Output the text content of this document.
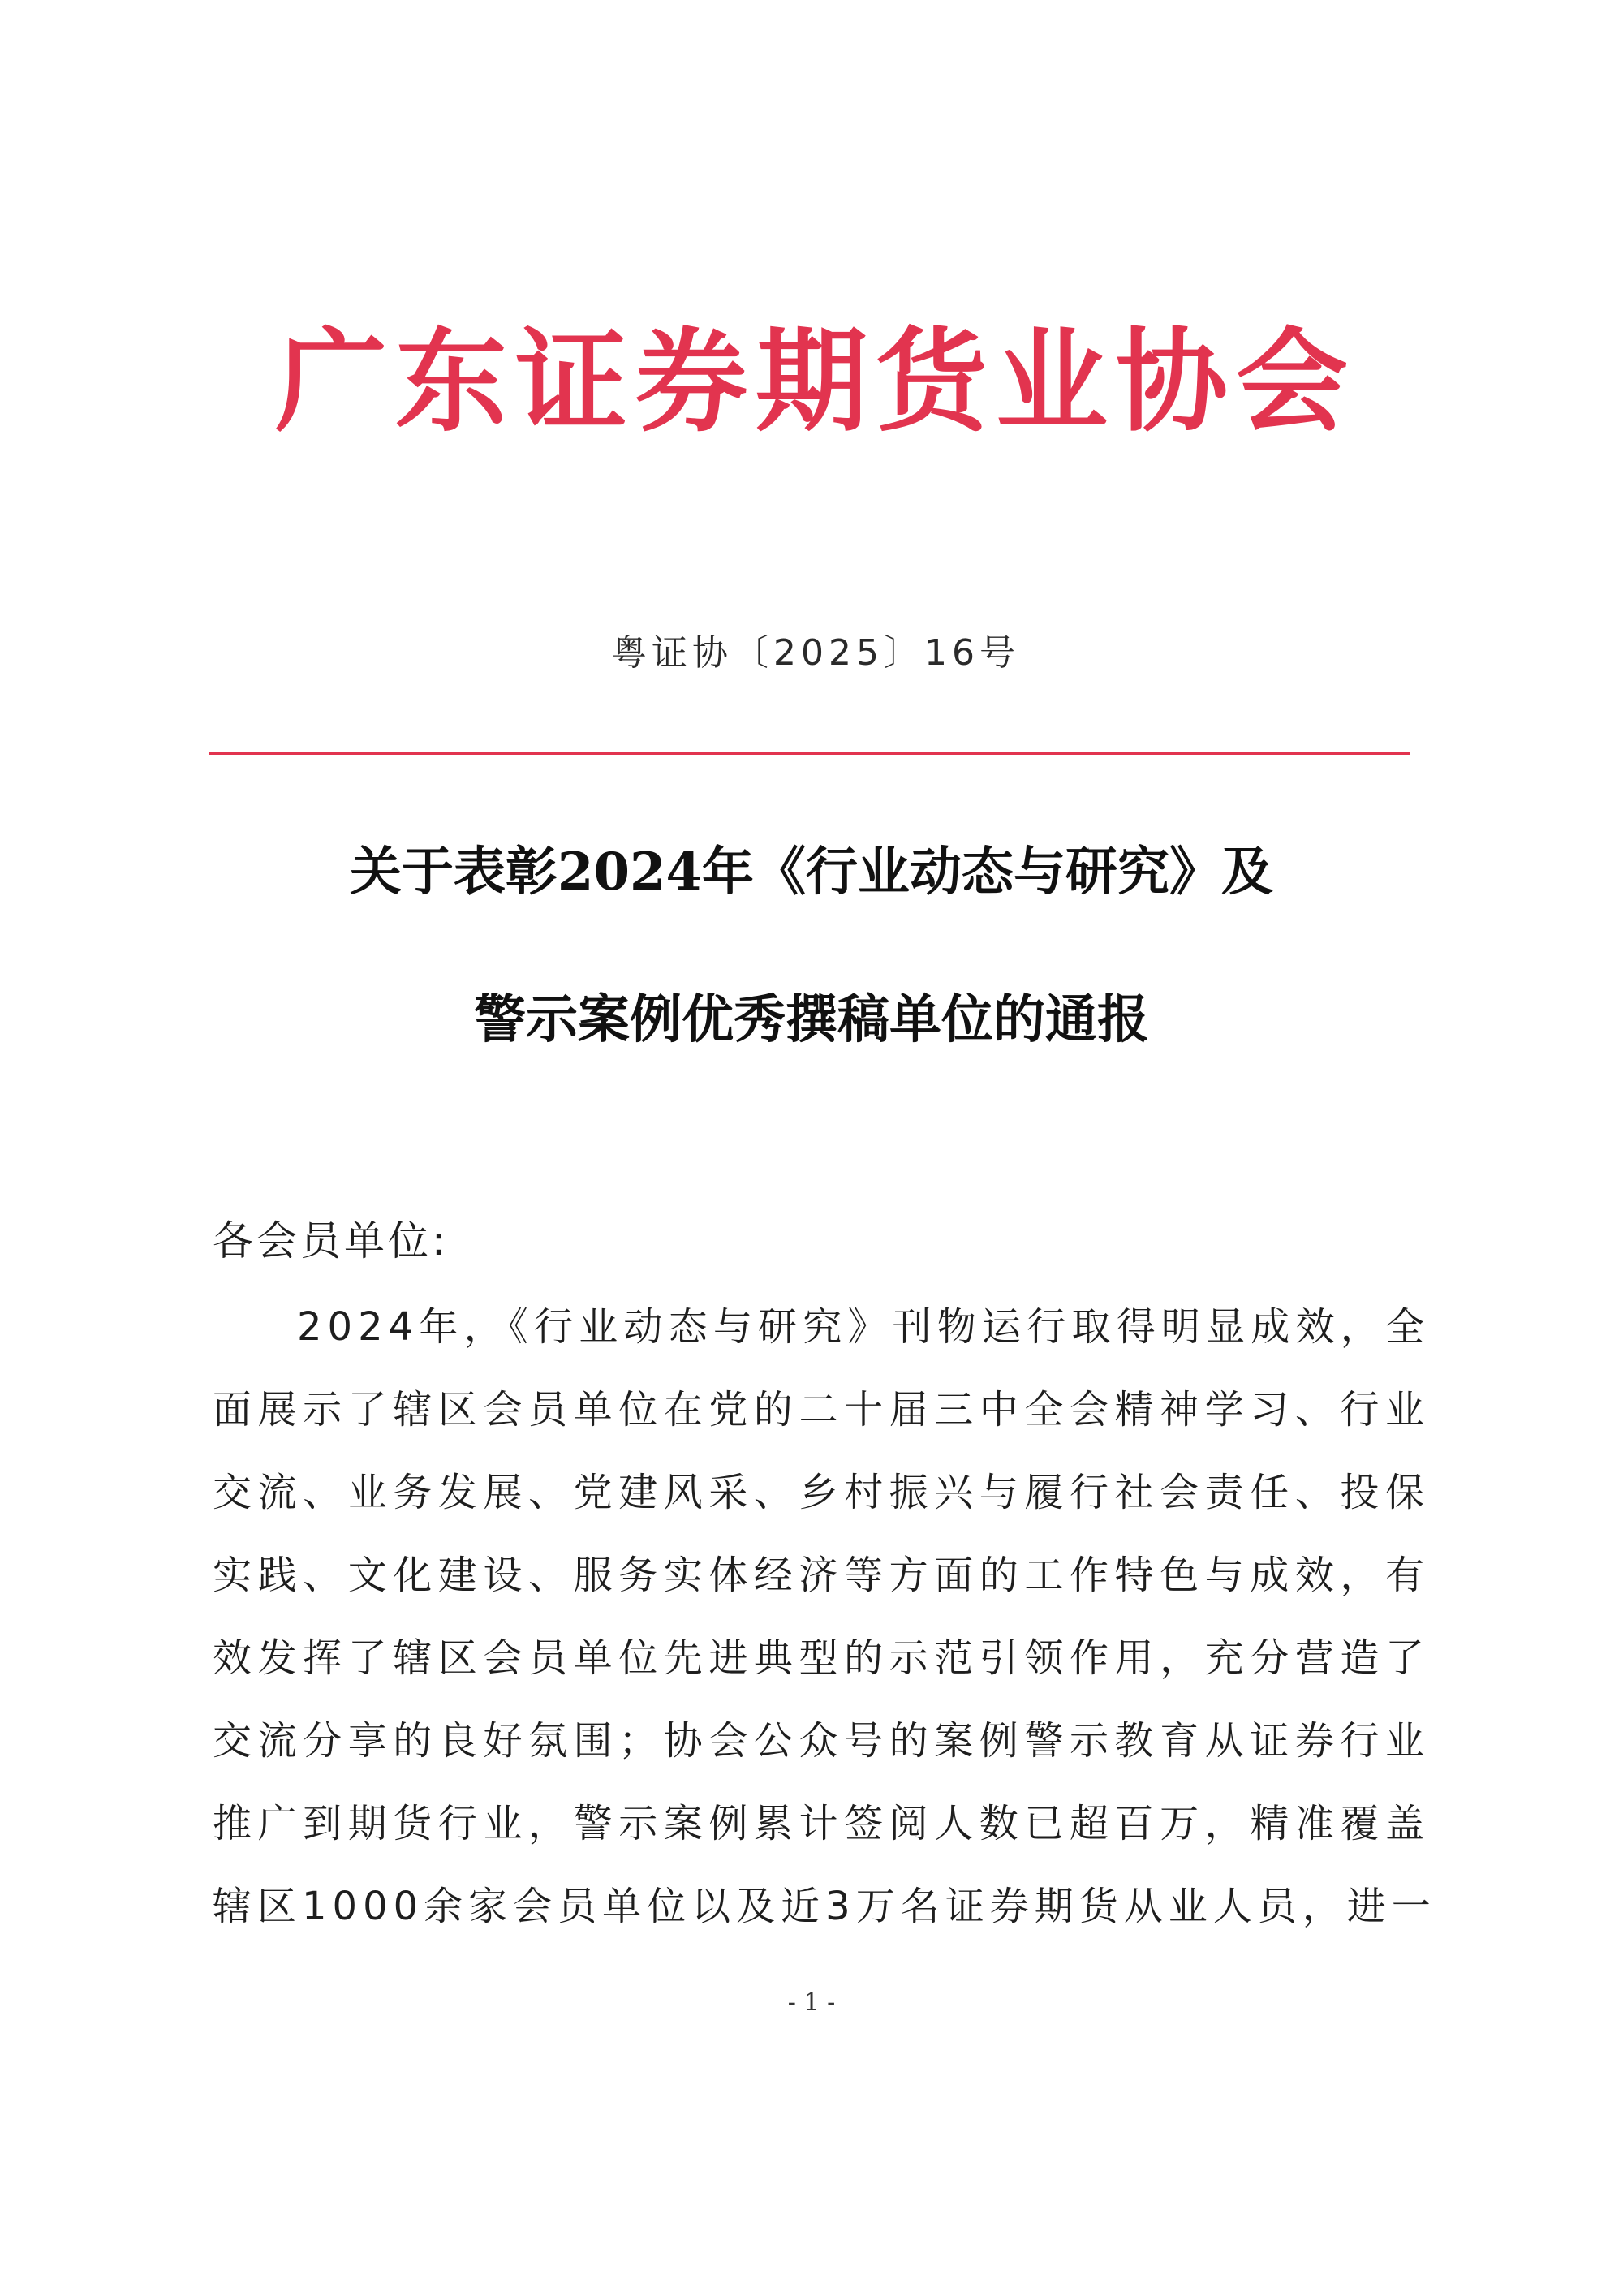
广东证券期货业协会
粤证协〔2025〕16号
关于表彰2024年《行业动态与研究》及
警示案例优秀撰稿单位的通报
各会员单位:
2024年，《行业动态与研究》刊物运行取得明显成效，全
面展示了辖区会员单位在党的二十届三中全会精神学习、行业
交流、业务发展、党建风采、乡村振兴与履行社会责任、投保
实践、文化建设、服务实体经济等方面的工作特色与成效，有
效发挥了辖区会员单位先进典型的示范引领作用，充分营造了
交流分享的良好氛围；协会公众号的案例警示教育从证券行业
推广到期货行业，警示案例累计签阅人数已超百万，精准覆盖
辖区1000余家会员单位以及近3万名证券期货从业人员，进一
- 1 -
